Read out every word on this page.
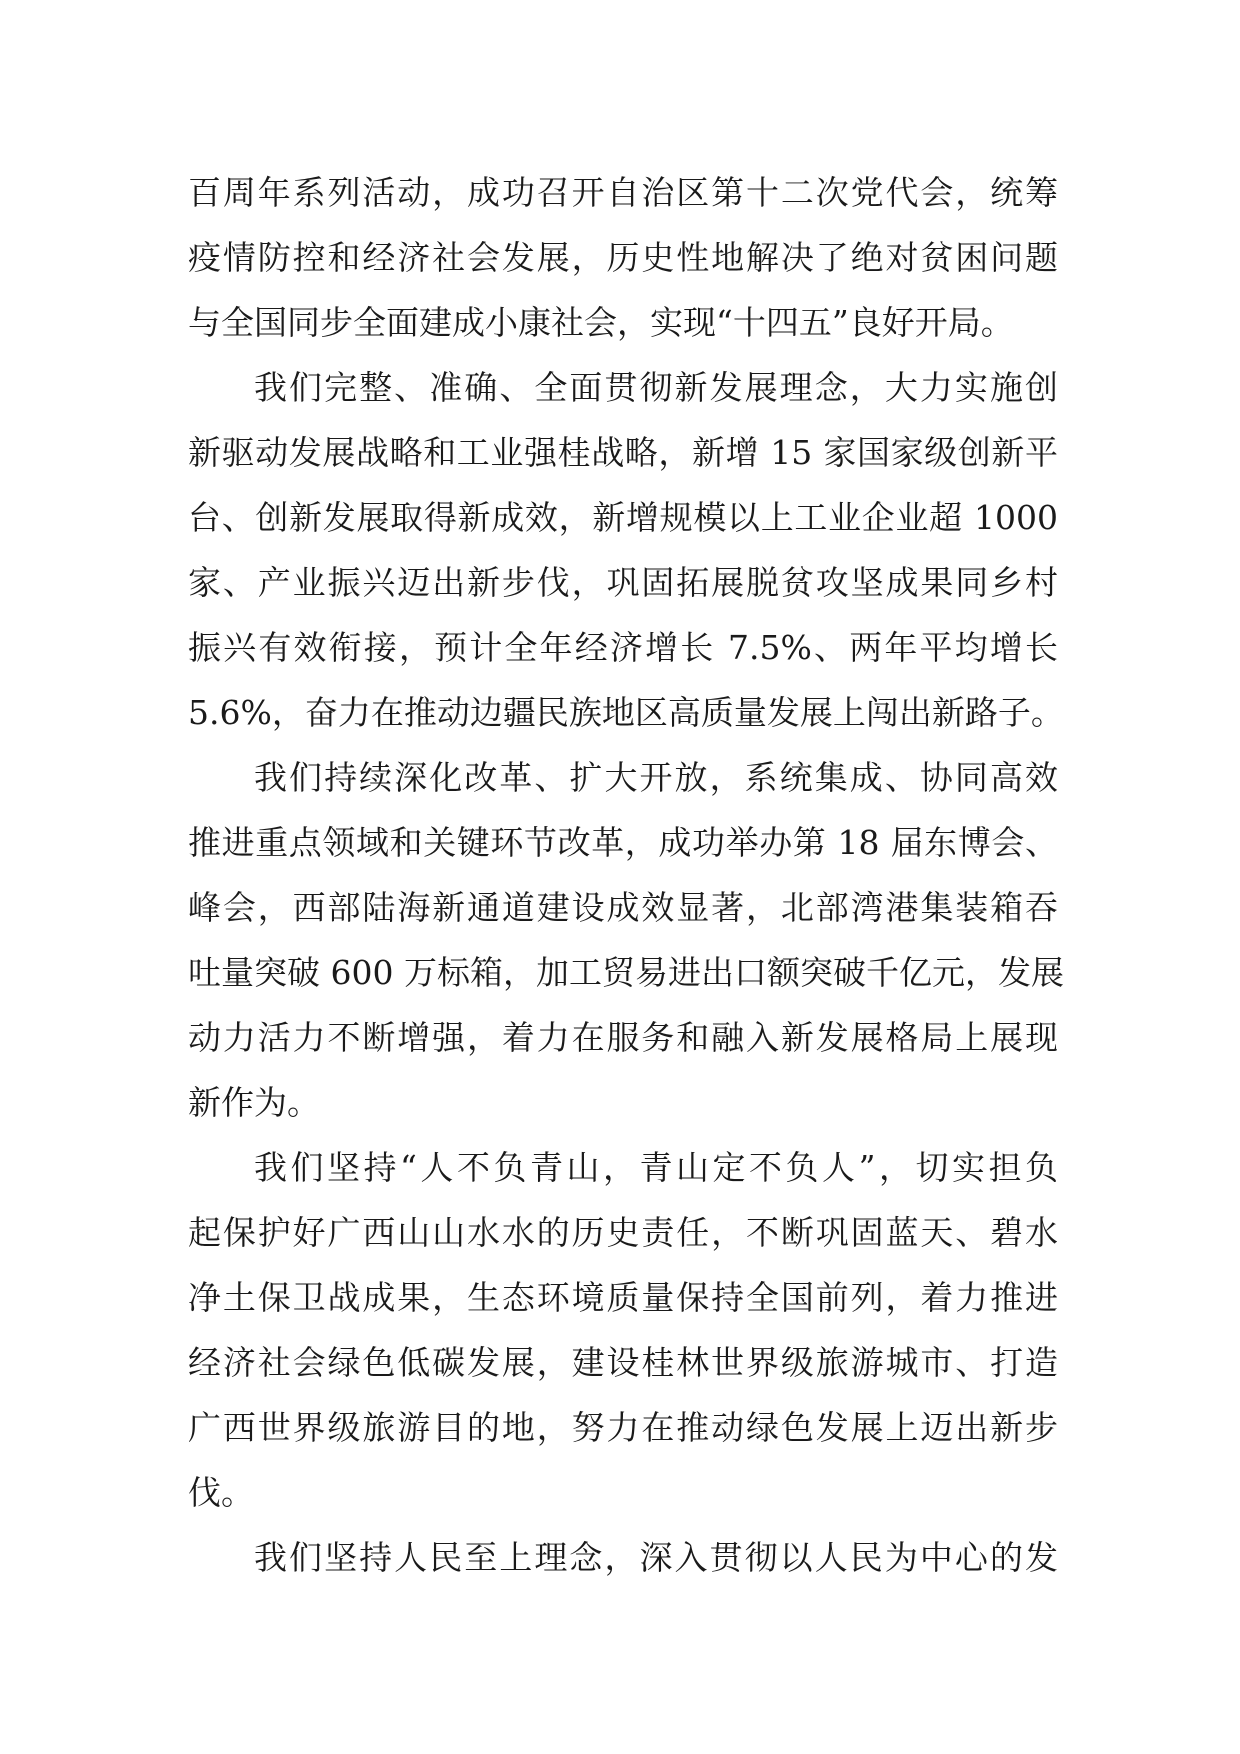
百周年系列活动，成功召开自治区第十二次党代会，统筹
疫情防控和经济社会发展，历史性地解决了绝对贫困问题
与全国同步全面建成小康社会，实现“十四五”良好开局。
我们完整、准确、全面贯彻新发展理念，大力实施创
新驱动发展战略和工业强桂战略，新增 15 家国家级创新平
台、创新发展取得新成效，新增规模以上工业企业超 1000
家、产业振兴迈出新步伐，巩固拓展脱贫攻坚成果同乡村
振兴有效衔接，预计全年经济增长 7.5%、两年平均增长
5.6%，奋力在推动边疆民族地区高质量发展上闯出新路子。
我们持续深化改革、扩大开放，系统集成、协同高效
推进重点领域和关键环节改革，成功举办第 18 届东博会、
峰会，西部陆海新通道建设成效显著，北部湾港集装箱吞
吐量突破 600 万标箱，加工贸易进出口额突破千亿元，发展
动力活力不断增强，着力在服务和融入新发展格局上展现
新作为。
我们坚持“人不负青山，青山定不负人”，切实担负
起保护好广西山山水水的历史责任，不断巩固蓝天、碧水
净土保卫战成果，生态环境质量保持全国前列，着力推进
经济社会绿色低碳发展，建设桂林世界级旅游城市、打造
广西世界级旅游目的地，努力在推动绿色发展上迈出新步
伐。
我们坚持人民至上理念，深入贯彻以人民为中心的发
